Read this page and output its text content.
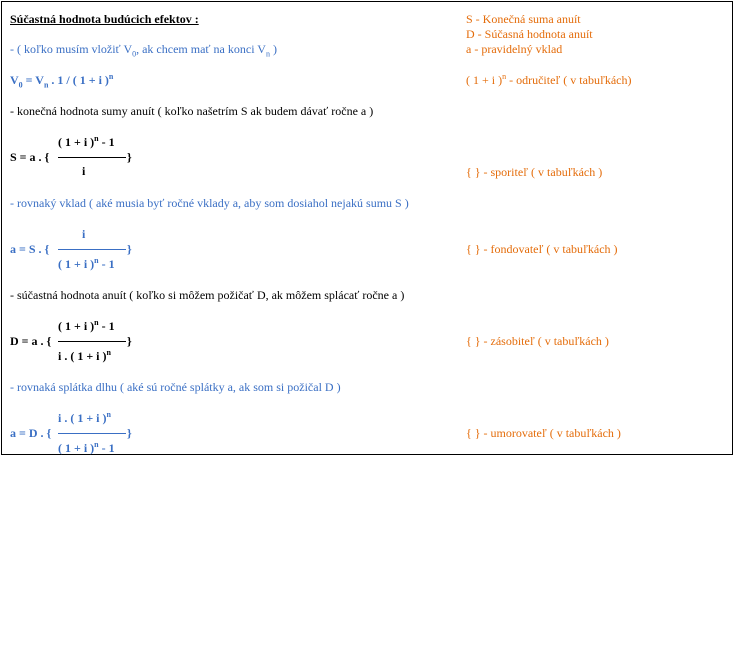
Súčastná hodnota budúcich efektov :
- ( koľko musím vložiť $V_0$, ak chcem mať na konci $V_n$ )
$V_0 = V_n$ . 1 / ( 1 + i )$^n$
- konečná hodnota sumy anuít ( koľko našetrím S ak budem dávať ročne a )
S = a . {
( 1 + i )$^n$ - 1
i
}
- rovnaký vklad ( aké musia byť ročné vklady a, aby som dosiahol nejakú sumu S )
a = S . {
i
( 1 + i )$^n$ - 1
}
- súčastná hodnota anuít ( koľko si môžem požičať D, ak môžem splácať ročne a )
D = a . {
( 1 + i )$^n$ - 1
i . ( 1 + i )$^n$
}
- rovnaká splátka dlhu ( aké sú ročné splátky a, ak som si požičal D )
a = D . {
i . ( 1 + i )$^n$
( 1 + i )$^n$ - 1
}
S - Konečná suma anuít
D - Súčasná hodnota anuít
a - pravidelný vklad
( 1 + i )$^n$ - odručiteľ ( v tabuľkách)
{ } - sporiteľ ( v tabuľkách )
{ } - fondovateľ ( v tabuľkách )
{ } - zásobiteľ ( v tabuľkách )
{ } - umorovateľ ( v tabuľkách )
